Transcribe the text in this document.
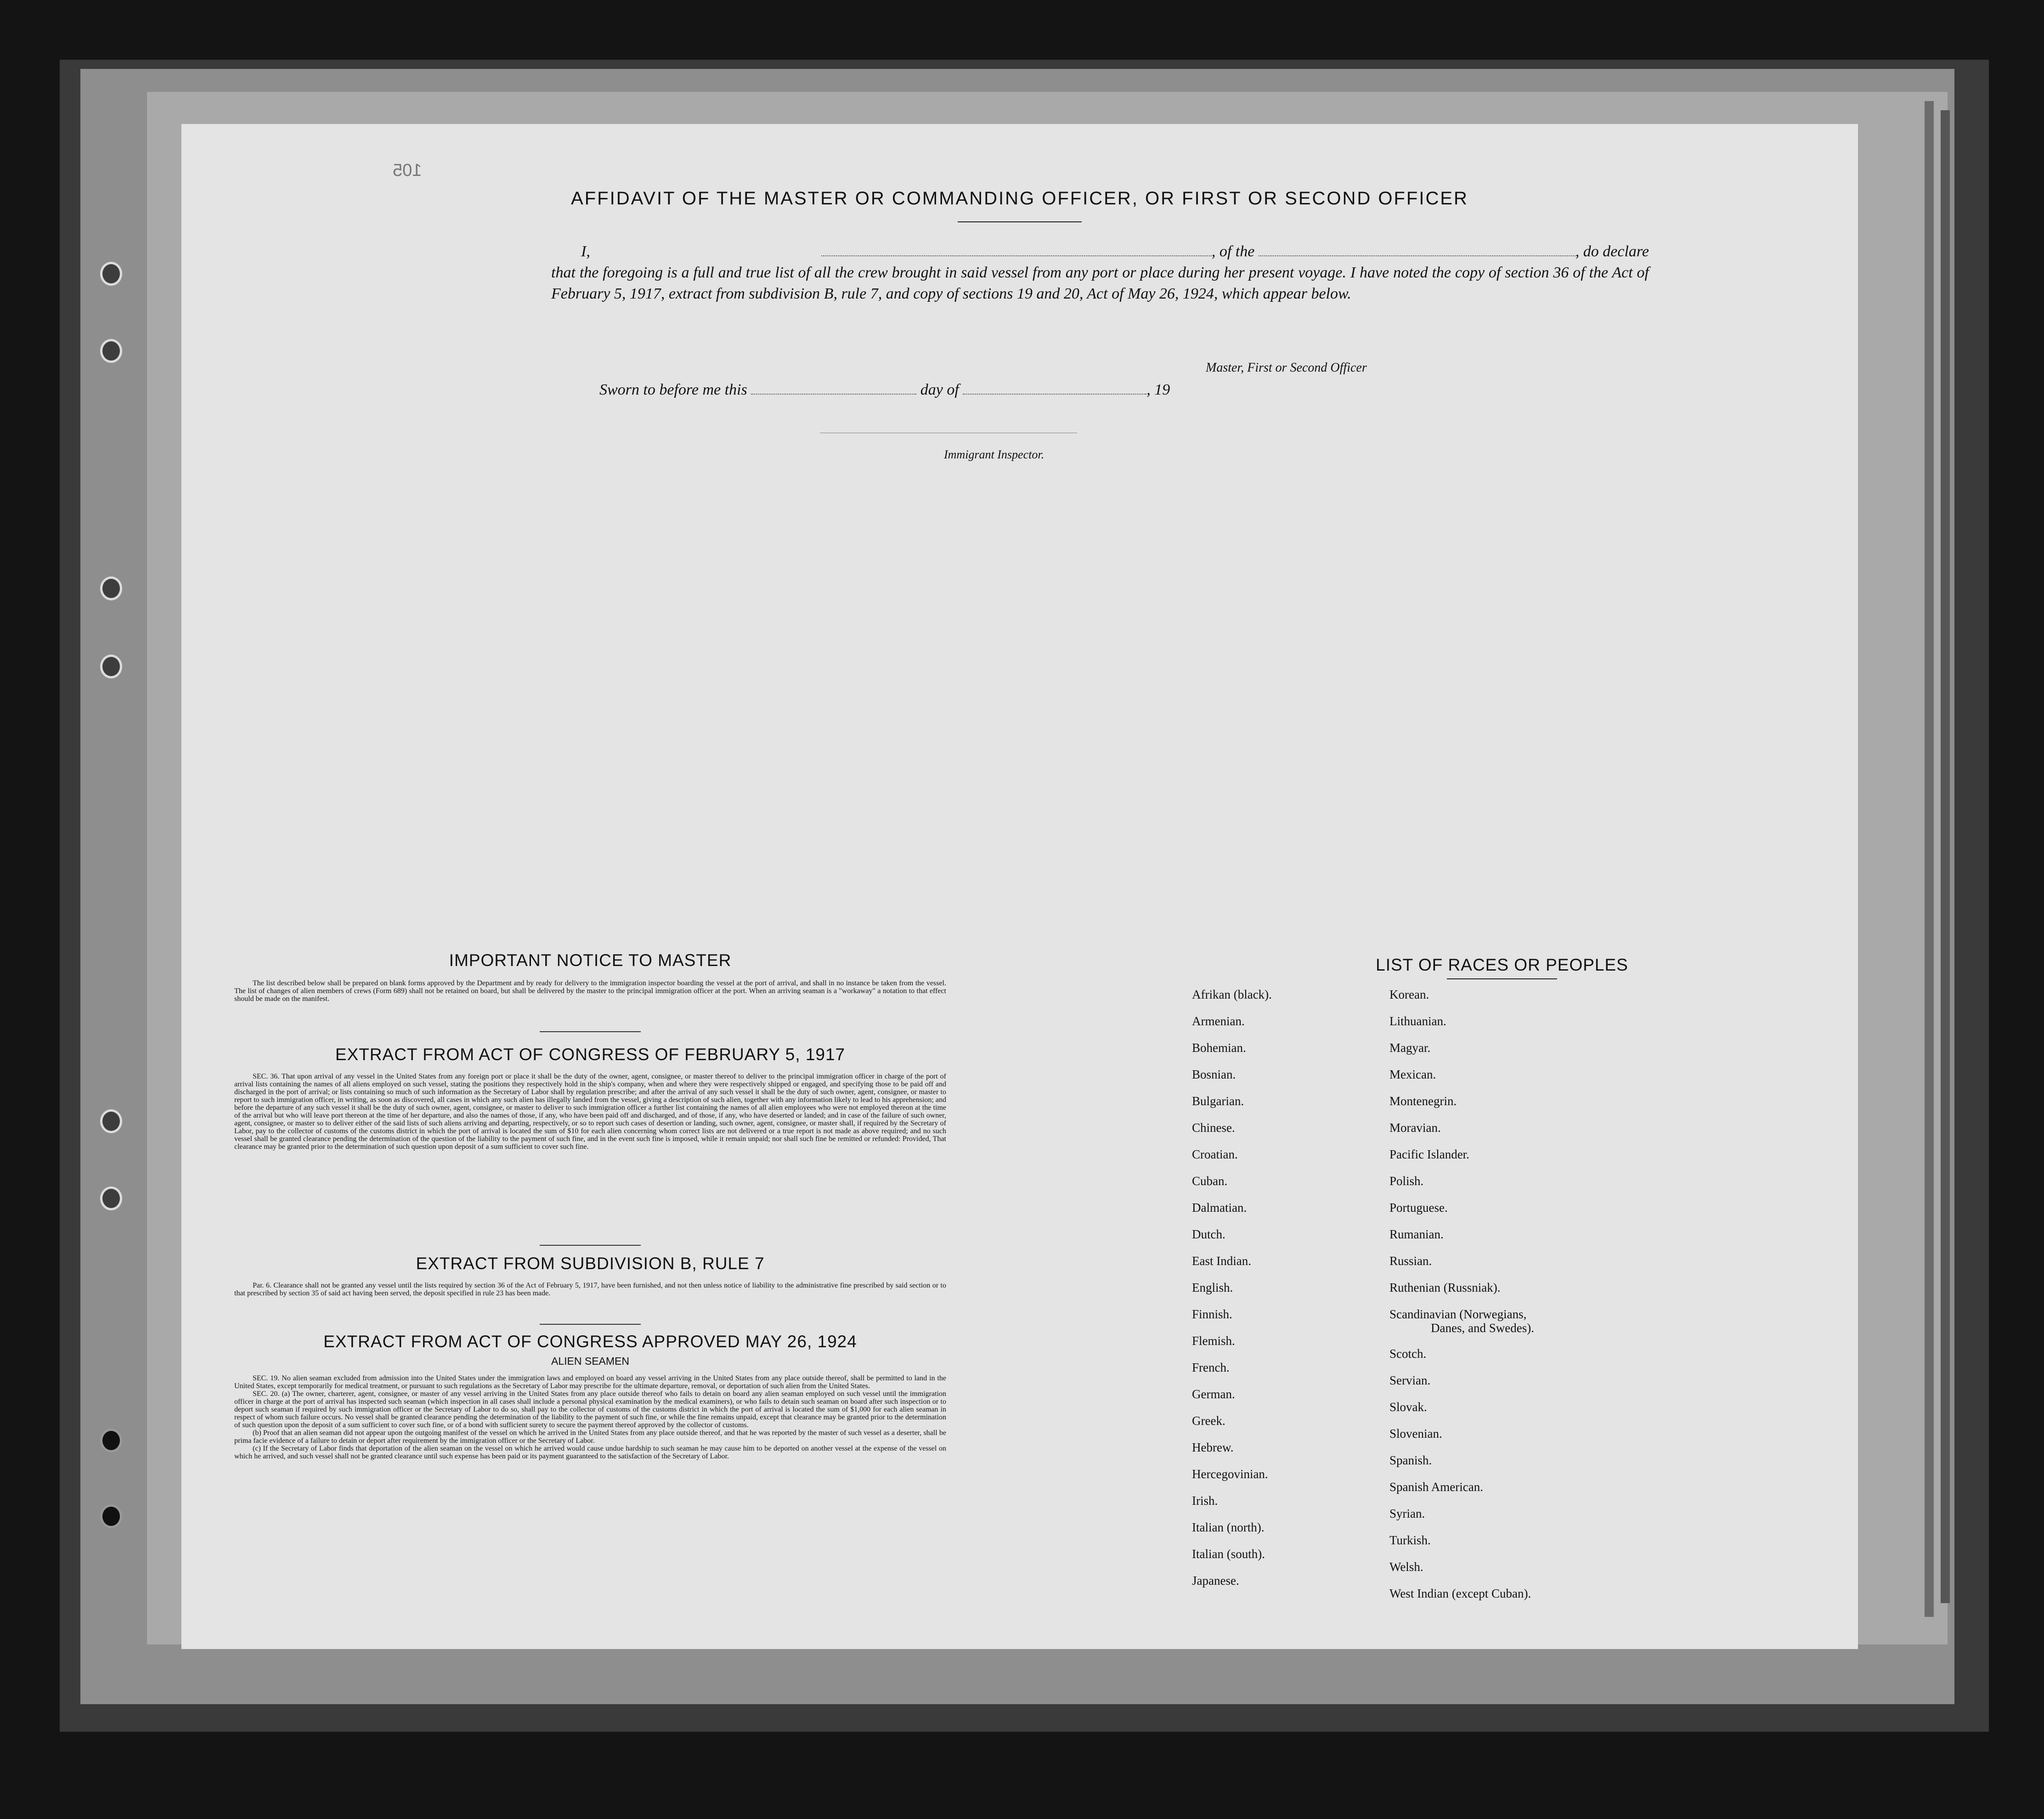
105
AFFIDAVIT OF THE MASTER OR COMMANDING OFFICER, OR FIRST OR SECOND OFFICER
I,	, of the	, do declare
that the foregoing is a full and true list of all the crew brought in said vessel from any port or place during her present voyage. I have noted the copy of section 36 of the Act of February 5, 1917, extract from subdivision B, rule 7, and copy of sections 19 and 20, Act of May 26, 1924, which appear below.
Master, First or Second Officer
Sworn to before me this	day of	, 19
Immigrant Inspector.
IMPORTANT NOTICE TO MASTER

The list described below shall be prepared on blank forms approved by the Department and by ready for delivery to the immigration inspector boarding the vessel at the port of arrival, and shall in no instance be taken from the vessel. The list of changes of alien members of crews (Form 689) shall not be retained on board, but shall be delivered by the master to the principal immigration officer at the port. When an arriving seaman is a "workaway" a notation to that effect should be made on the manifest.

EXTRACT FROM ACT OF CONGRESS OF FEBRUARY 5, 1917

SEC. 36. That upon arrival of any vessel in the United States from any foreign port or place it shall be the duty of the owner, agent, consignee, or master thereof to deliver to the principal immigration officer in charge of the port of arrival lists containing the names of all aliens employed on such vessel, stating the positions they respectively hold in the ship's company, when and where they were respectively shipped or engaged, and specifying those to be paid off and discharged in the port of arrival; or lists containing so much of such information as the Secretary of Labor shall by regulation prescribe; and after the arrival of any such vessel it shall be the duty of such owner, agent, consignee, or master to report to such immigration officer, in writing, as soon as discovered, all cases in which any such alien has illegally landed from the vessel, giving a description of such alien, together with any information likely to lead to his apprehension; and before the departure of any such vessel it shall be the duty of such owner, agent, consignee, or master to deliver to such immigration officer a further list containing the names of all alien employees who were not employed thereon at the time of the arrival but who will leave port thereon at the time of her departure, and also the names of those, if any, who have been paid off and discharged, and of those, if any, who have deserted or landed; and in case of the failure of such owner, agent, consignee, or master so to deliver either of the said lists of such aliens arriving and departing, respectively, or so to report such cases of desertion or landing, such owner, agent, consignee, or master shall, if required by the Secretary of Labor, pay to the collector of customs of the customs district in which the port of arrival is located the sum of $10 for each alien concerning whom correct lists are not delivered or a true report is not made as above required; and no such vessel shall be granted clearance pending the determination of the question of the liability to the payment of such fine, and in the event such fine is imposed, while it remain unpaid; nor shall such fine be remitted or refunded: Provided, That clearance may be granted prior to the determination of such question upon deposit of a sum sufficient to cover such fine.

EXTRACT FROM SUBDIVISION B, RULE 7

Par. 6. Clearance shall not be granted any vessel until the lists required by section 36 of the Act of February 5, 1917, have been furnished, and not then unless notice of liability to the administrative fine prescribed by said section or to that prescribed by section 35 of said act having been served, the deposit specified in rule 23 has been made.

EXTRACT FROM ACT OF CONGRESS APPROVED MAY 26, 1924
ALIEN SEAMEN

SEC. 19. No alien seaman excluded from admission into the United States under the immigration laws and employed on board any vessel arriving in the United States from any place outside thereof, shall be permitted to land in the United States, except temporarily for medical treatment, or pursuant to such regulations as the Secretary of Labor may prescribe for the ultimate departure, removal, or deportation of such alien from the United States.

SEC. 20. (a) The owner, charterer, agent, consignee, or master of any vessel arriving in the United States from any place outside thereof who fails to detain on board any alien seaman employed on such vessel until the immigration officer in charge at the port of arrival has inspected such seaman (which inspection in all cases shall include a personal physical examination by the medical examiners), or who fails to detain such seaman on board after such inspection or to deport such seaman if required by such immigration officer or the Secretary of Labor to do so, shall pay to the collector of customs of the customs district in which the port of arrival is located the sum of $1,000 for each alien seaman in respect of whom such failure occurs. No vessel shall be granted clearance pending the determination of the liability to the payment of such fine, or while the fine remains unpaid, except that clearance may be granted prior to the determination of such question upon the deposit of a sum sufficient to cover such fine, or of a bond with sufficient surety to secure the payment thereof approved by the collector of customs.

(b) Proof that an alien seaman did not appear upon the outgoing manifest of the vessel on which he arrived in the United States from any place outside thereof, and that he was reported by the master of such vessel as a deserter, shall be prima facie evidence of a failure to detain or deport after requirement by the immigration officer or the Secretary of Labor.

(c) If the Secretary of Labor finds that deportation of the alien seaman on the vessel on which he arrived would cause undue hardship to such seaman he may cause him to be deported on another vessel at the expense of the vessel on which he arrived, and such vessel shall not be granted clearance until such expense has been paid or its payment guaranteed to the satisfaction of the Secretary of Labor.

LIST OF RACES OR PEOPLES
Afrikan (black).
Armenian.
Bohemian.
Bosnian.
Bulgarian.
Chinese.
Croatian.
Cuban.
Dalmatian.
Dutch.
East Indian.
English.
Finnish.
Flemish.
French.
German.
Greek.
Hebrew.
Hercegovinian.
Irish.
Italian (north).
Italian (south).
Japanese.
Korean.
Lithuanian.
Magyar.
Mexican.
Montenegrin.
Moravian.
Pacific Islander.
Polish.
Portuguese.
Rumanian.
Russian.
Ruthenian (Russniak).
Scandinavian (Norwegians,
Danes, and Swedes).
Scotch.
Servian.
Slovak.
Slovenian.
Spanish.
Spanish American.
Syrian.
Turkish.
Welsh.
West Indian (except Cuban).
